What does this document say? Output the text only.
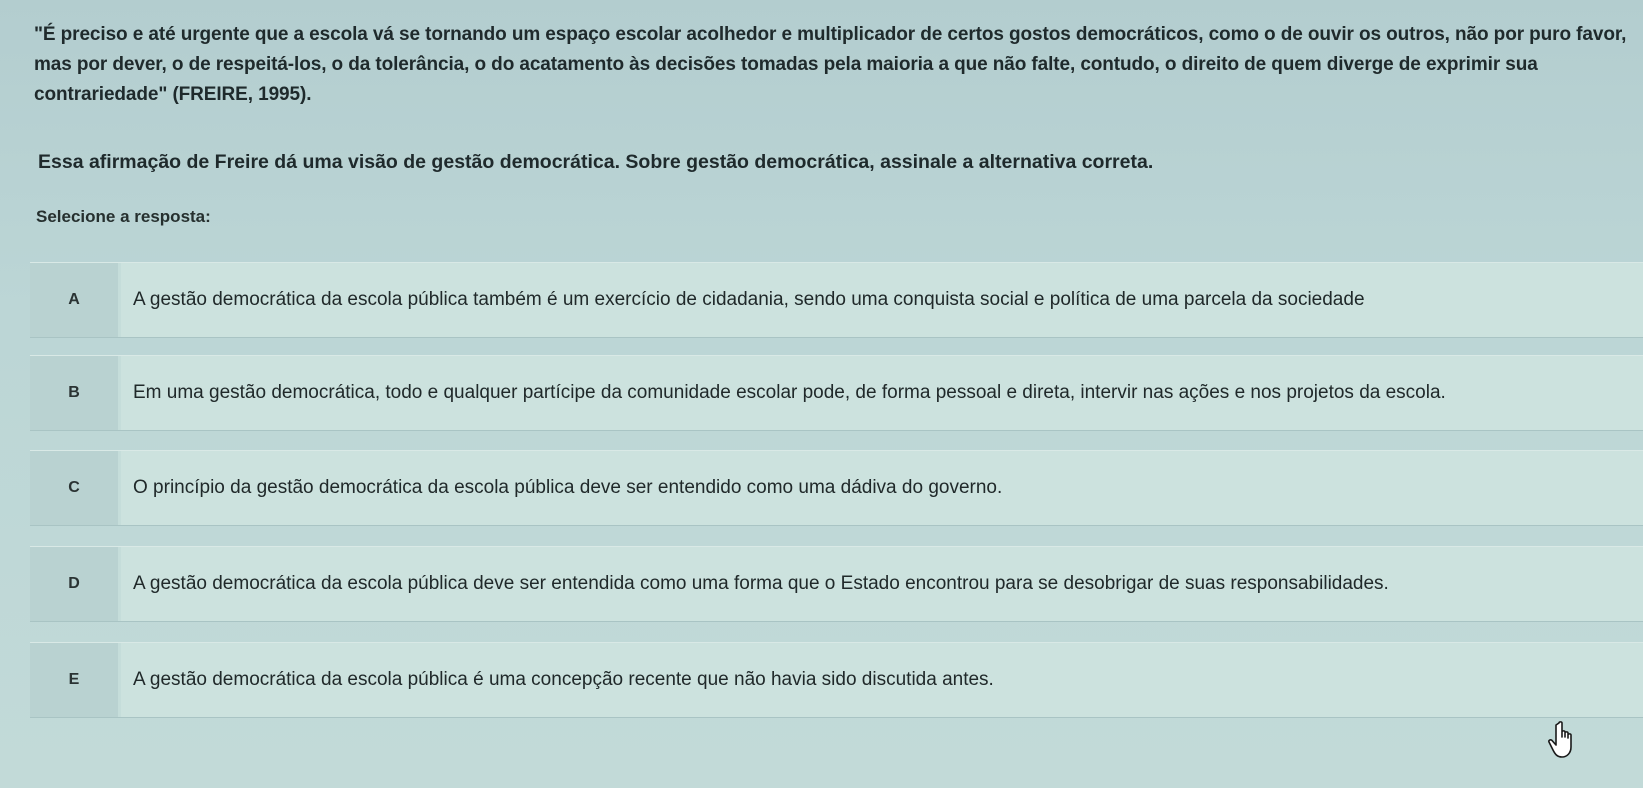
"É preciso e até urgente que a escola vá se tornando um espaço escolar acolhedor e multiplicador de certos gostos democráticos, como o de ouvir os outros, não por puro favor, mas por dever, o de respeitá-los, o da tolerância, o do acatamento às decisões tomadas pela maioria a que não falte, contudo, o direito de quem diverge de exprimir sua contrariedade" (FREIRE, 1995).
Essa afirmação de Freire dá uma visão de gestão democrática. Sobre gestão democrática, assinale a alternativa correta.
Selecione a resposta:
A	A gestão democrática da escola pública também é um exercício de cidadania, sendo uma conquista social e política de uma parcela da sociedade
B	Em uma gestão democrática, todo e qualquer partícipe da comunidade escolar pode, de forma pessoal e direta, intervir nas ações e nos projetos da escola.
C	O princípio da gestão democrática da escola pública deve ser entendido como uma dádiva do governo.
D	A gestão democrática da escola pública deve ser entendida como uma forma que o Estado encontrou para se desobrigar de suas responsabilidades.
E	A gestão democrática da escola pública é uma concepção recente que não havia sido discutida antes.
